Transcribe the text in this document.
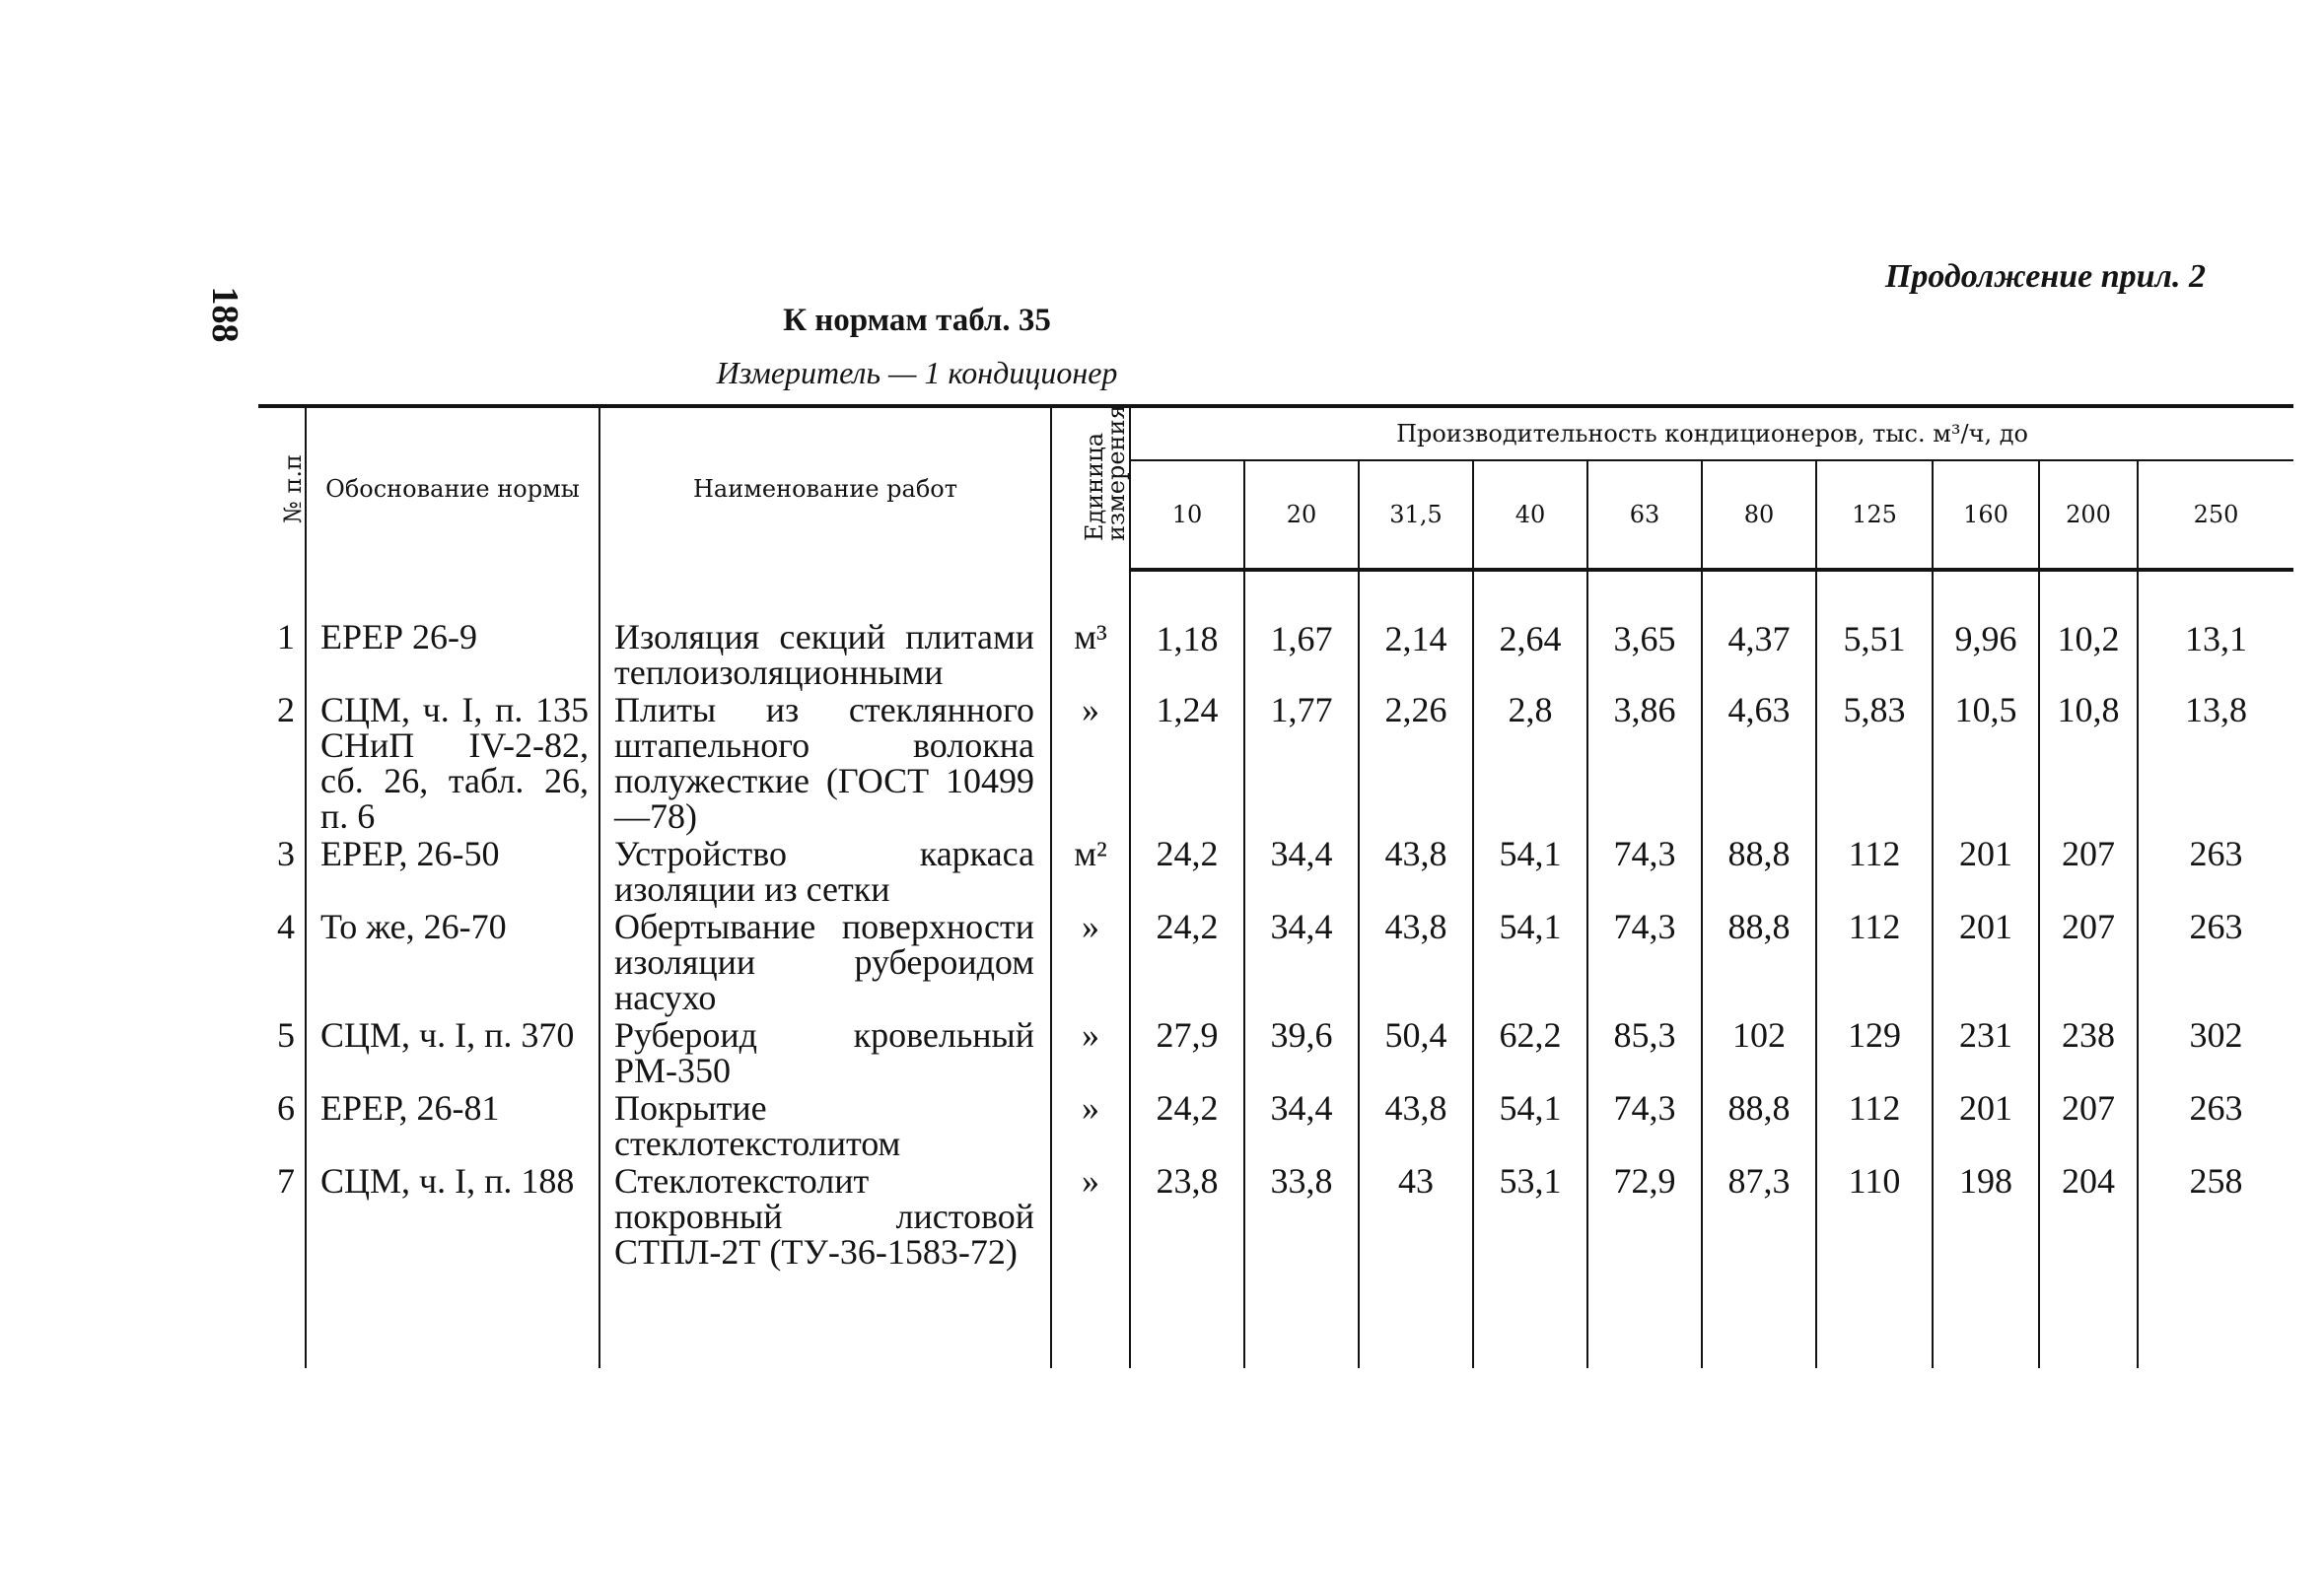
188
Продолжение прил. 2
К нормам табл. 35
Измеритель — 1 кондиционер
№ п.п	Обоснование нормы	Наименование работ	Единица измерения	Производительность кондиционеров, тыс. м³/ч, до									
				10	20	31,5	40	63	80	125	160	200	250
1	ЕРЕР 26-9	Изоляция секций плитами теплоизоляционными	м³	1,18	1,67	2,14	2,64	3,65	4,37	5,51	9,96	10,2	13,1
2	СЦМ, ч. I, п. 135 СНиП IV-2-82, сб. 26, табл. 26, п. 6	Плиты из стеклянного штапельного волокна полужесткие (ГОСТ 10499—78)	»	1,24	1,77	2,26	2,8	3,86	4,63	5,83	10,5	10,8	13,8
3	ЕРЕР, 26-50	Устройство каркаса изоляции из сетки	м²	24,2	34,4	43,8	54,1	74,3	88,8	112	201	207	263
4	То же, 26-70	Обертывание поверхности изоляции рубероидом насухо	»	24,2	34,4	43,8	54,1	74,3	88,8	112	201	207	263
5	СЦМ, ч. I, п. 370	Рубероид кровельный РМ-350	»	27,9	39,6	50,4	62,2	85,3	102	129	231	238	302
6	ЕРЕР, 26-81	Покрытие стеклотекстолитом	»	24,2	34,4	43,8	54,1	74,3	88,8	112	201	207	263
7	СЦМ, ч. I, п. 188	Стеклотекстолит покровный листовой СТПЛ-2Т (ТУ-36-1583-72)	»	23,8	33,8	43	53,1	72,9	87,3	110	198	204	258
